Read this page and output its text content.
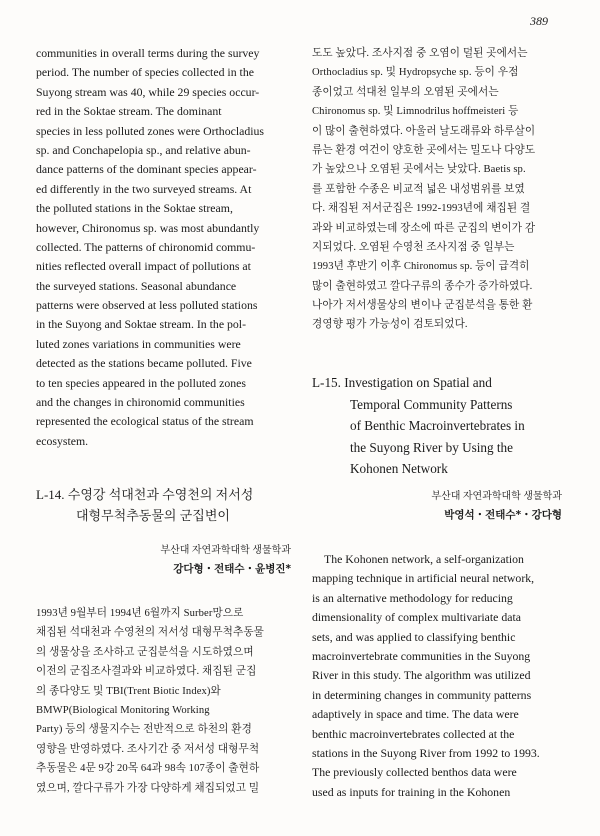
389
communities in overall terms during the survey
period. The number of species collected in the
Suyong stream was 40, while 29 species occur-
red in the Soktae stream. The dominant
species in less polluted zones were Orthocladius
sp. and Conchapelopia sp., and relative abun-
dance patterns of the dominant species appear-
ed differently in the two surveyed streams. At
the polluted stations in the Soktae stream,
however, Chironomus sp. was most abundantly
collected. The patterns of chironomid commu-
nities reflected overall impact of pollutions at
the surveyed stations. Seasonal abundance
patterns were observed at less polluted stations
in the Suyong and Soktae stream. In the pol-
luted zones variations in communities were
detected as the stations became polluted. Five
to ten species appeared in the polluted zones
and the changes in chironomid communities
represented the ecological status of the stream
ecosystem.
L-14. 수영강 석대천과 수영천의 저서성
대형무척추동물의 군집변이
부산대 자연과학대학 생물학과
강다형・전태수・윤병진*
1993년 9월부터 1994년 6월까지 Surber망으로
채집된 석대천과 수영천의 저서성 대형무척추동물
의 생물상을 조사하고 군집분석을 시도하였으며
이전의 군집조사결과와 비교하였다. 채집된 군집
의 종다양도 및 TBI(Trent Biotic Index)와
BMWP(Biological Monitoring Working
Party) 등의 생물지수는 전반적으로 하천의 환경
영향을 반영하였다. 조사기간 중 저서성 대형무척
추동물은 4문 9강 20목 64과 98속 107종이 출현하
였으며, 깔다구류가 가장 다양하게 채집되었고 밀
도도 높았다. 조사지점 중 오염이 덜된 곳에서는
Orthocladius sp. 및 Hydropsyche sp. 등이 우점
종이었고 석대천 일부의 오염된 곳에서는
Chironomus sp. 및 Limnodrilus hoffmeisteri 등
이 많이 출현하였다. 아울러 날도래류와 하루살이
류는 환경 여건이 양호한 곳에서는 밀도나 다양도
가 높았으나 오염된 곳에서는 낮았다. Baetis sp.
를 포함한 수종은 비교적 넓은 내성범위를 보였
다. 채집된 저서군집은 1992-1993년에 채집된 결
과와 비교하였는데 장소에 따른 군집의 변이가 감
지되었다. 오염된 수영천 조사지점 중 일부는
1993년 후반기 이후 Chironomus sp. 등이 급격히
많이 출현하였고 깔다구류의 종수가 증가하였다.
나아가 저서생물상의 변이나 군집분석을 통한 환
경영향 평가 가능성이 검토되었다.
L-15. Investigation on Spatial and
Temporal Community Patterns
of Benthic Macroinvertebrates in
the Suyong River by Using the
Kohonen Network
부산대 자연과학대학 생물학과
박영석・전태수*・강다형
The Kohonen network, a self-organization
mapping technique in artificial neural network,
is an alternative methodology for reducing
dimensionality of complex multivariate data
sets, and was applied to classifying benthic
macroinvertebrate communities in the Suyong
River in this study. The algorithm was utilized
in determining changes in community patterns
adaptively in space and time. The data were
benthic macroinvertebrates collected at the
stations in the Suyong River from 1992 to 1993.
The previously collected benthos data were
used as inputs for training in the Kohonen
